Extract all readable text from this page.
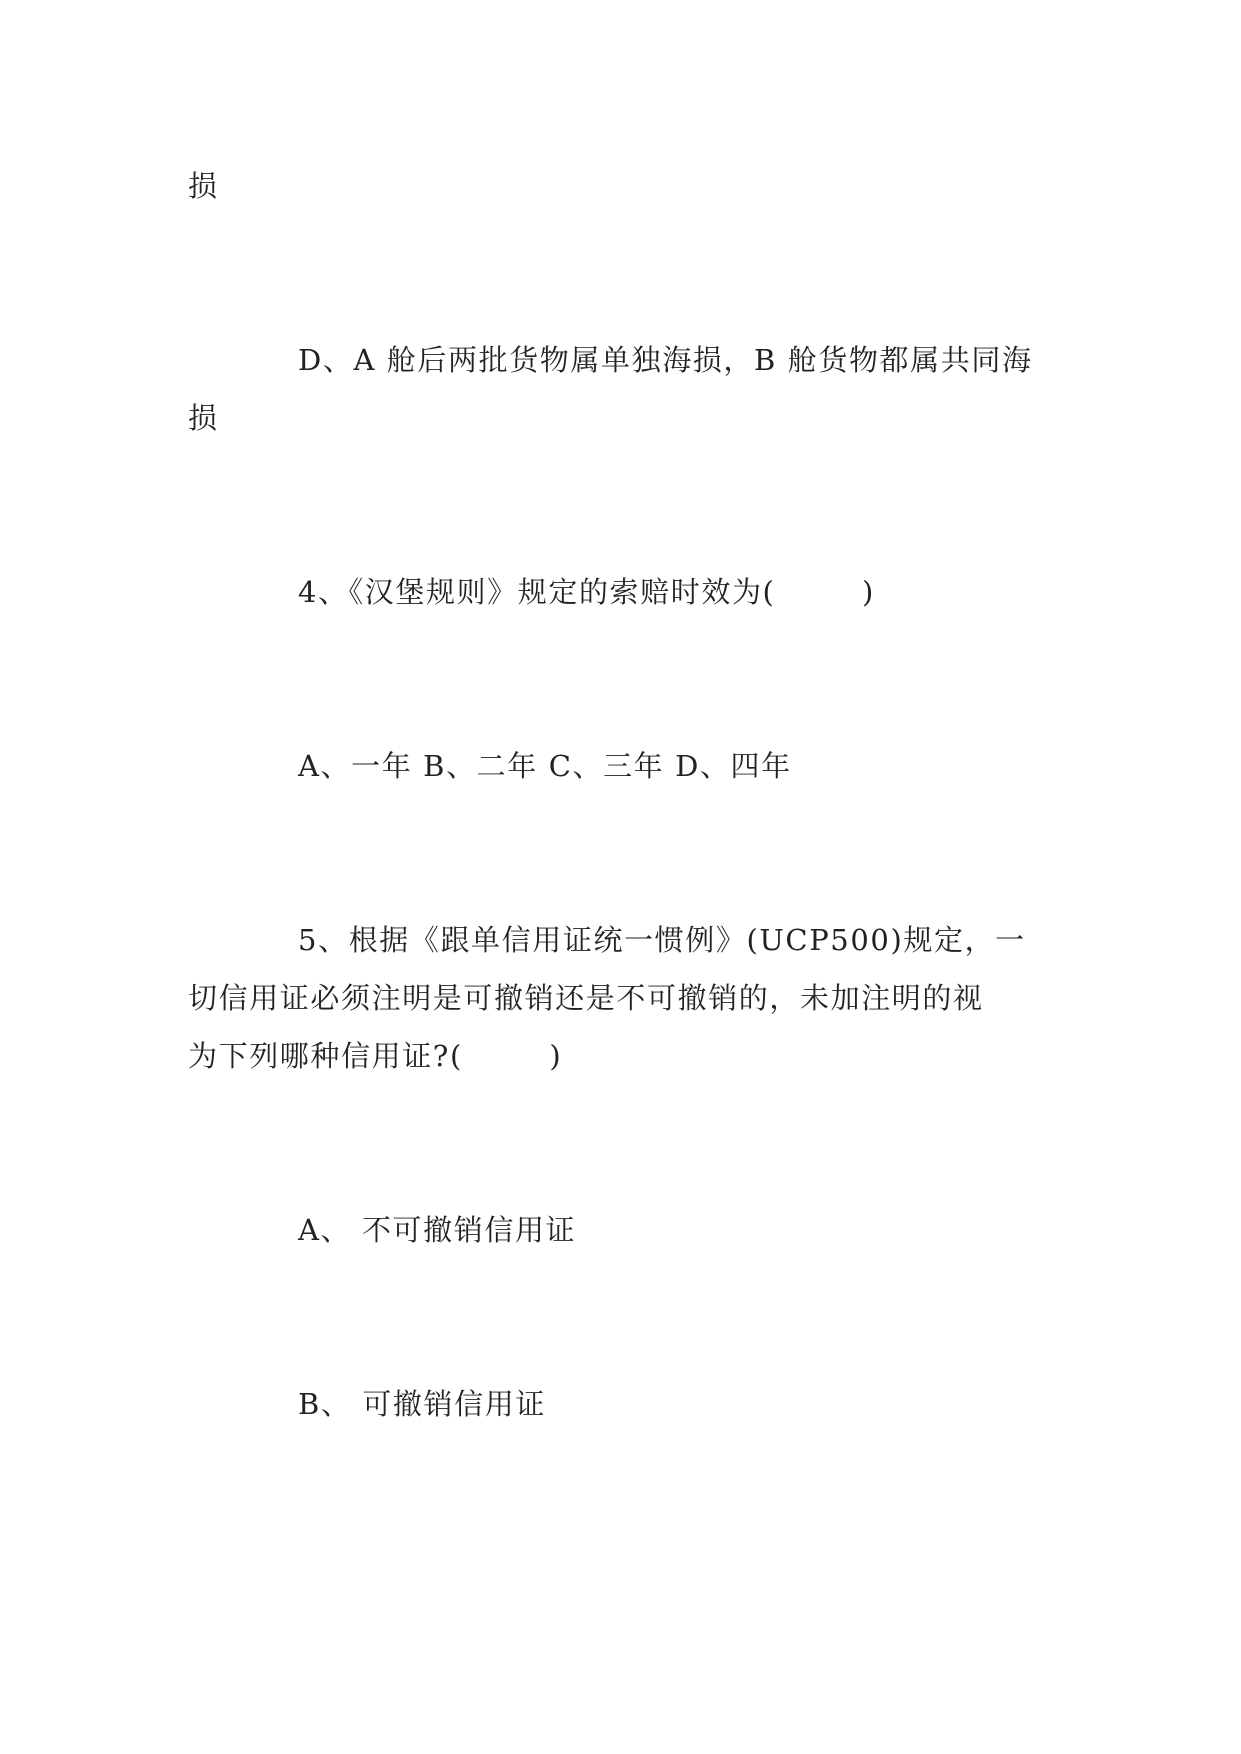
损
D、A 舱后两批货物属单独海损，B 舱货物都属共同海
损
4、《汉堡规则》规定的索赔时效为(        )
A、一年 B、二年 C、三年 D、四年
5、根据《跟单信用证统一惯例》(UCP500)规定，一
切信用证必须注明是可撤销还是不可撤销的，未加注明的视
为下列哪种信用证?(        )
A、 不可撤销信用证
B、 可撤销信用证
